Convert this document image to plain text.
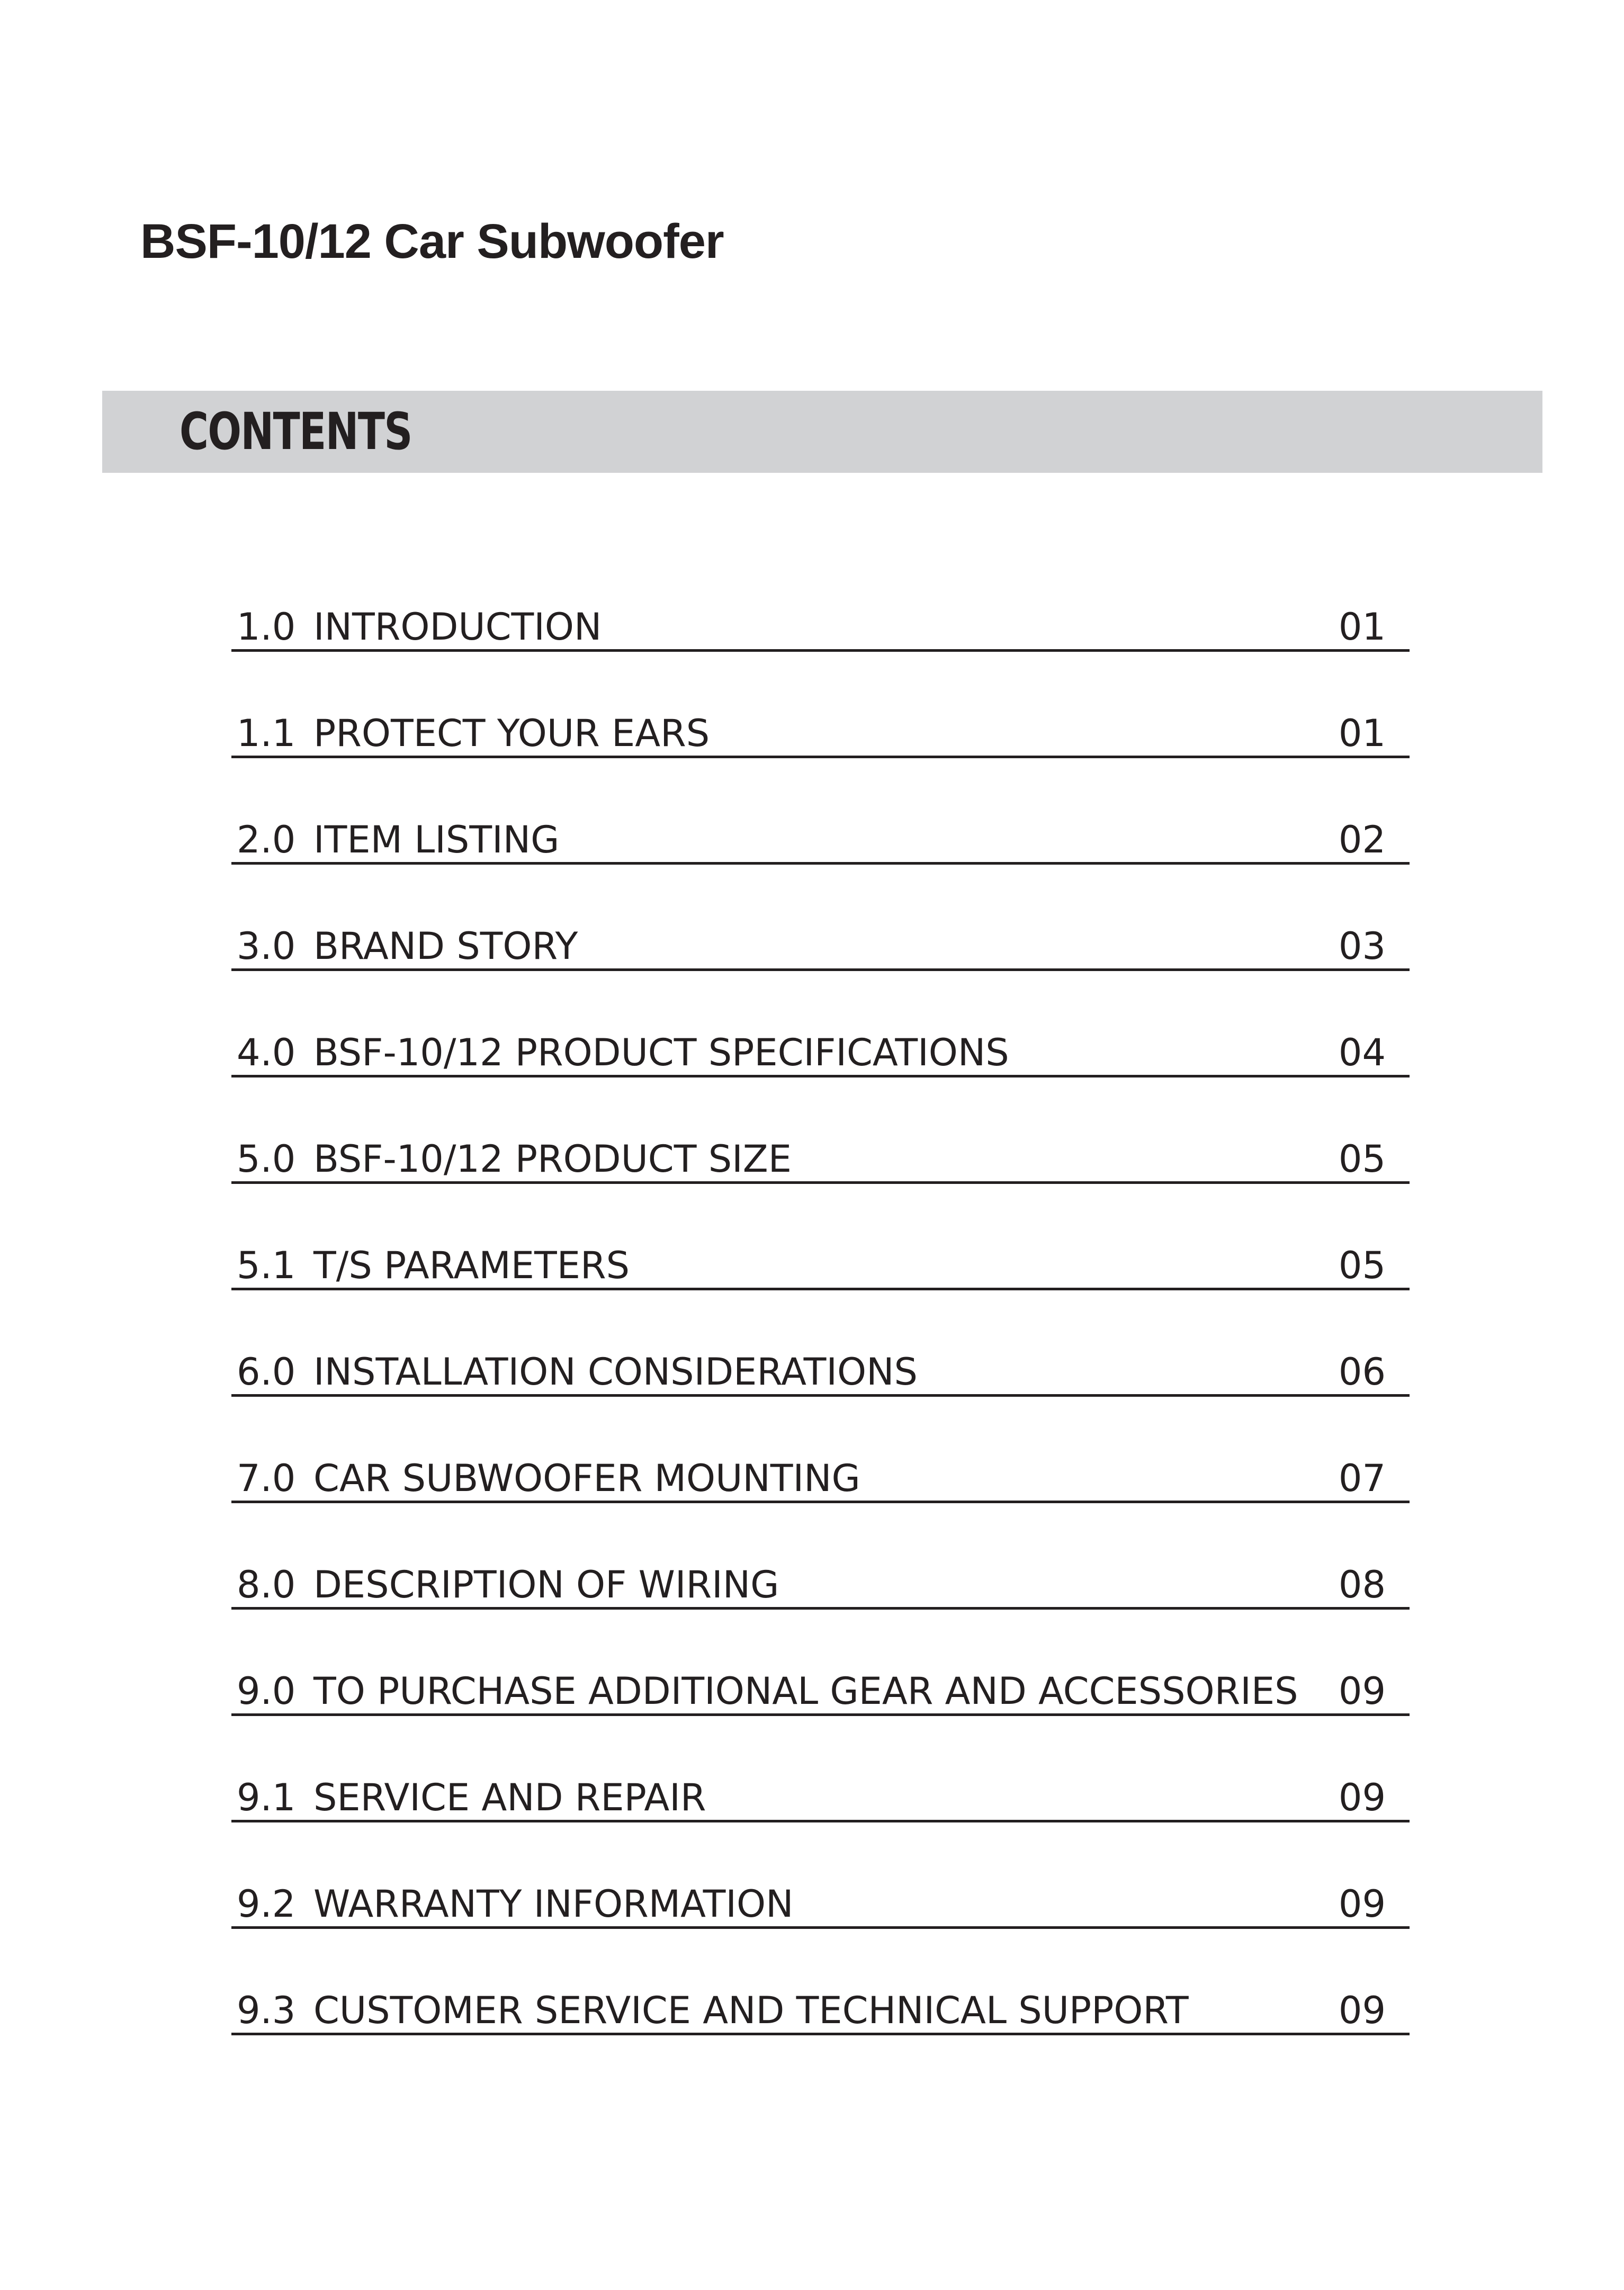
BSF-10/12 Car Subwoofer
CONTENTS
1.0 INTRODUCTION	01
1.1 PROTECT YOUR EARS	01
2.0 ITEM LISTING	02
3.0 BRAND STORY	03
4.0 BSF-10/12 PRODUCT SPECIFICATIONS	04
5.0 BSF-10/12 PRODUCT SIZE	05
5.1 T/S PARAMETERS	05
6.0 INSTALLATION CONSIDERATIONS	06
7.0 CAR SUBWOOFER MOUNTING	07
8.0 DESCRIPTION OF WIRING	08
9.0 TO PURCHASE ADDITIONAL GEAR AND ACCESSORIES 09
9.1 SERVICE AND REPAIR	09
9.2 WARRANTY INFORMATION	09
9.3 CUSTOMER SERVICE AND TECHNICAL SUPPORT	09
